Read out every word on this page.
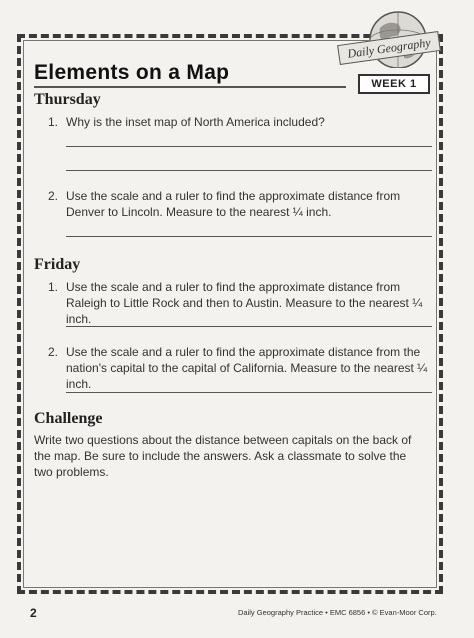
Daily Geography
WEEK 1
Elements on a Map
Thursday
1. Why is the inset map of North America included?
2. Use the scale and a ruler to find the approximate distance from Denver to Lincoln. Measure to the nearest ¼ inch.
Friday
1. Use the scale and a ruler to find the approximate distance from Raleigh to Little Rock and then to Austin. Measure to the nearest ¼ inch.
2. Use the scale and a ruler to find the approximate distance from the nation's capital to the capital of California. Measure to the nearest ¼ inch.
Challenge
Write two questions about the distance between capitals on the back of the map. Be sure to include the answers. Ask a classmate to solve the two problems.
2	Daily Geography Practice • EMC 6856 • © Evan-Moor Corp.
